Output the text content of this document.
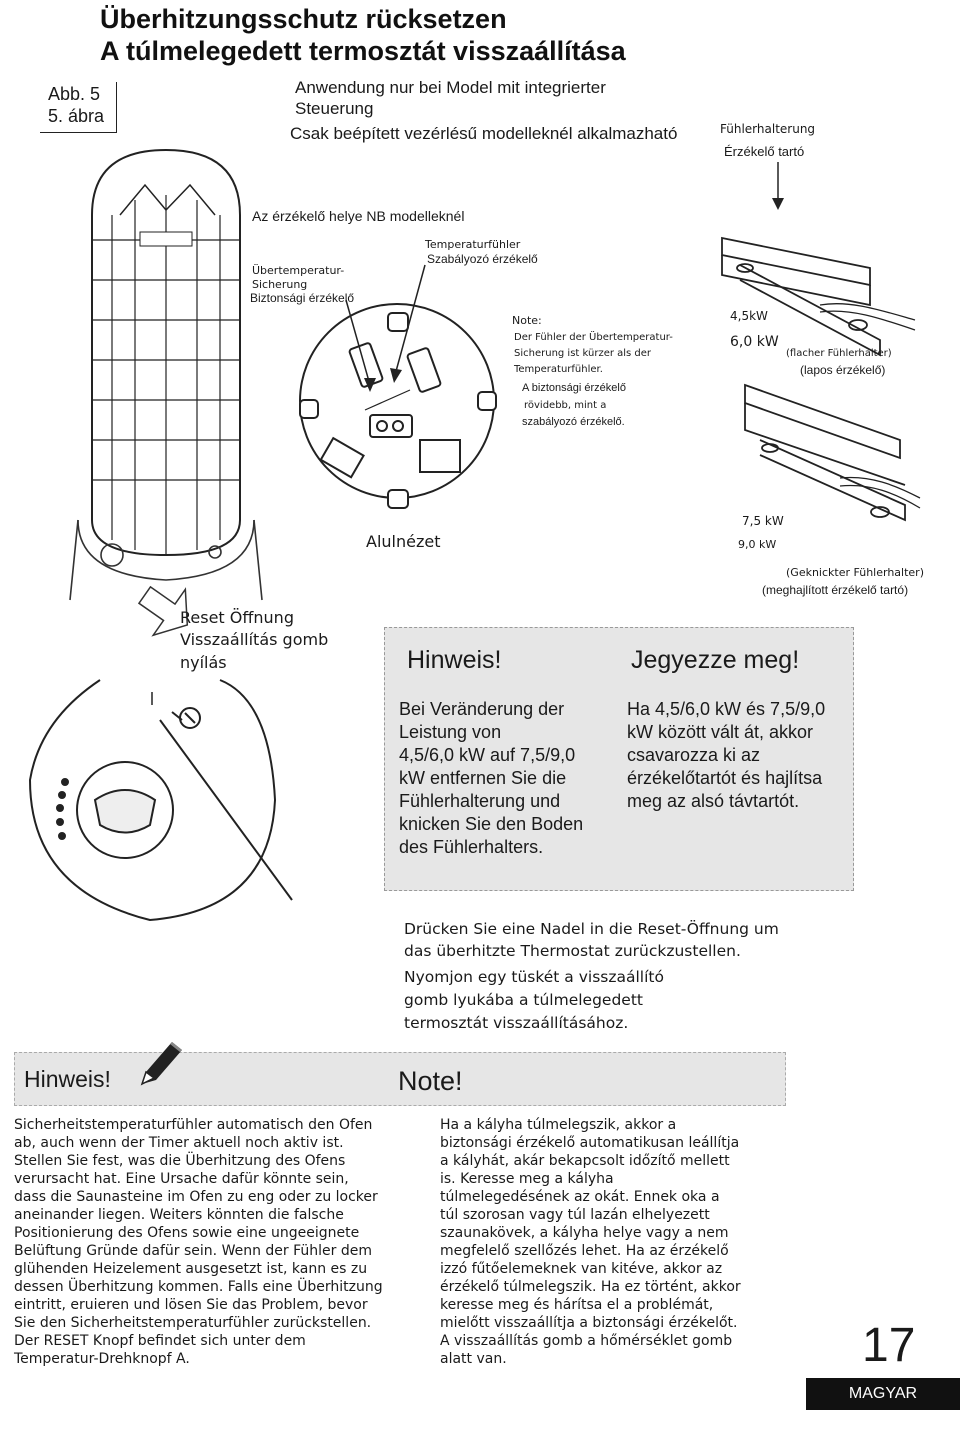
Überhitzungsschutz rücksetzen
A túlmelegedett termosztát visszaállítása
Abb. 5
5. ábra
Anwendung nur bei Model mit integrierter
Steuerung
Csak beépített vezérlésű modelleknél alkalmazható	Fühlerhalterung
Érzékelő tartó
Az érzékelő helye NB modelleknél
Übertemperatur-
Sicherung
Biztonsági érzékelő
Temperaturfühler
Szabályozó érzékelő
Note:
Der Fühler der Übertemperatur-
Sicherung ist kürzer als der
Temperaturfühler.
A biztonsági érzékelő
rövidebb, mint a
szabályozó érzékelő.
4,5kW
6,0 kW
(flacher Fühlerhalter)
(lapos érzékelő)
7,5 kW
9,0 kW
(Geknickter Fühlerhalter)
(meghajlított érzékelő tartó)
Alulnézet
Reset Öffnung
Visszaállítás gomb
nyílás	Hinweis!	Jegyezze meg!
Bei Veränderung der
Leistung von
4,5/6,0 kW auf 7,5/9,0
kW entfernen Sie die
Fühlerhalterung und
knicken Sie den Boden
des Fühlerhalters.
Ha 4,5/6,0 kW és 7,5/9,0
kW között vált át, akkor
csavarozza ki az
érzékelőtartót és hajlítsa
meg az alsó távtartót.
Drücken Sie eine Nadel in die Reset-Öffnung um
das überhitzte Thermostat zurückzustellen.
Nyomjon egy tüskét a visszaállító
gomb lyukába a túlmelegedett
termosztát visszaállításához.
Hinweis!	Note!
Sicherheitstemperaturfühler automatisch den Ofen
ab, auch wenn der Timer aktuell noch aktiv ist.
Stellen Sie fest, was die Überhitzung des Ofens
verursacht hat. Eine Ursache dafür könnte sein,
dass die Saunasteine im Ofen zu eng oder zu locker
aneinander liegen. Weiters könnten die falsche
Positionierung des Ofens sowie eine ungeeignete
Belüftung Gründe dafür sein. Wenn der Fühler dem
glühenden Heizelement ausgesetzt ist, kann es zu
dessen Überhitzung kommen. Falls eine Überhitzung
eintritt, eruieren und lösen Sie das Problem, bevor
Sie den Sicherheitstemperaturfühler zurückstellen.
Der RESET Knopf befindet sich unter dem
Temperatur-Drehknopf A.
Ha a kályha túlmelegszik, akkor a
biztonsági érzékelő automatikusan leállítja
a kályhát, akár bekapcsolt időzítő mellett
is. Keresse meg a kályha
túlmelegedésének az okát. Ennek oka a
túl szorosan vagy túl lazán elhelyezett
szaunakövek, a kályha helye vagy a nem
megfelelő szellőzés lehet. Ha az érzékelő
izzó fűtőelemeknek van kitéve, akkor az
érzékelő túlmelegszik. Ha ez történt, akkor
keresse meg és hárítsa el a problémát,
mielőtt visszaállítja a biztonsági érzékelőt.
A visszaállítás gomb a hőmérséklet gomb
alatt van.	17
MAGYAR
